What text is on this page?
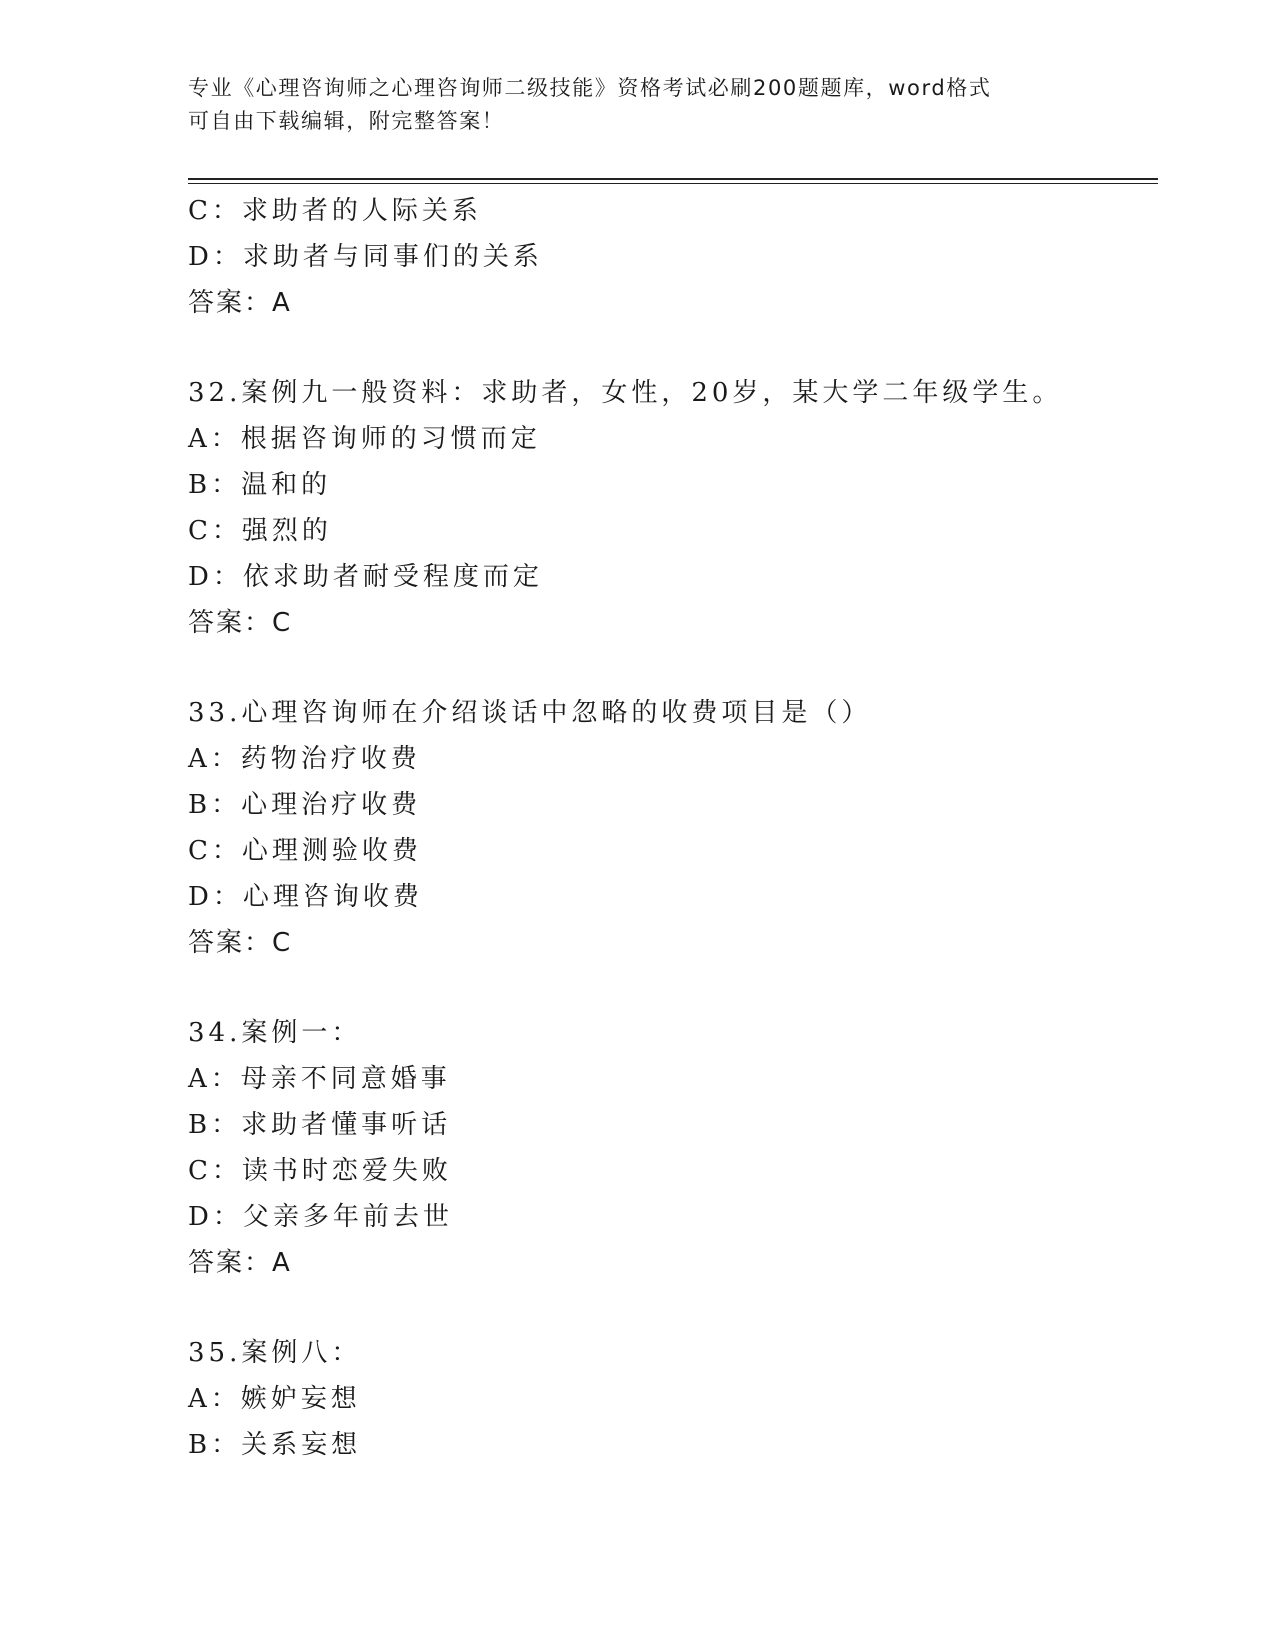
专业《心理咨询师之心理咨询师二级技能》资格考试必刷200题题库，word格式
可自由下载编辑，附完整答案！
C：求助者的人际关系
D：求助者与同事们的关系
答案：A
32.案例九一般资料：求助者，女性，20岁，某大学二年级学生。
A：根据咨询师的习惯而定
B：温和的
C：强烈的
D：依求助者耐受程度而定
答案：C
33.心理咨询师在介绍谈话中忽略的收费项目是（）
A：药物治疗收费
B：心理治疗收费
C：心理测验收费
D：心理咨询收费
答案：C
34.案例一：
A：母亲不同意婚事
B：求助者懂事听话
C：读书时恋爱失败
D：父亲多年前去世
答案：A
35.案例八：
A：嫉妒妄想
B：关系妄想
